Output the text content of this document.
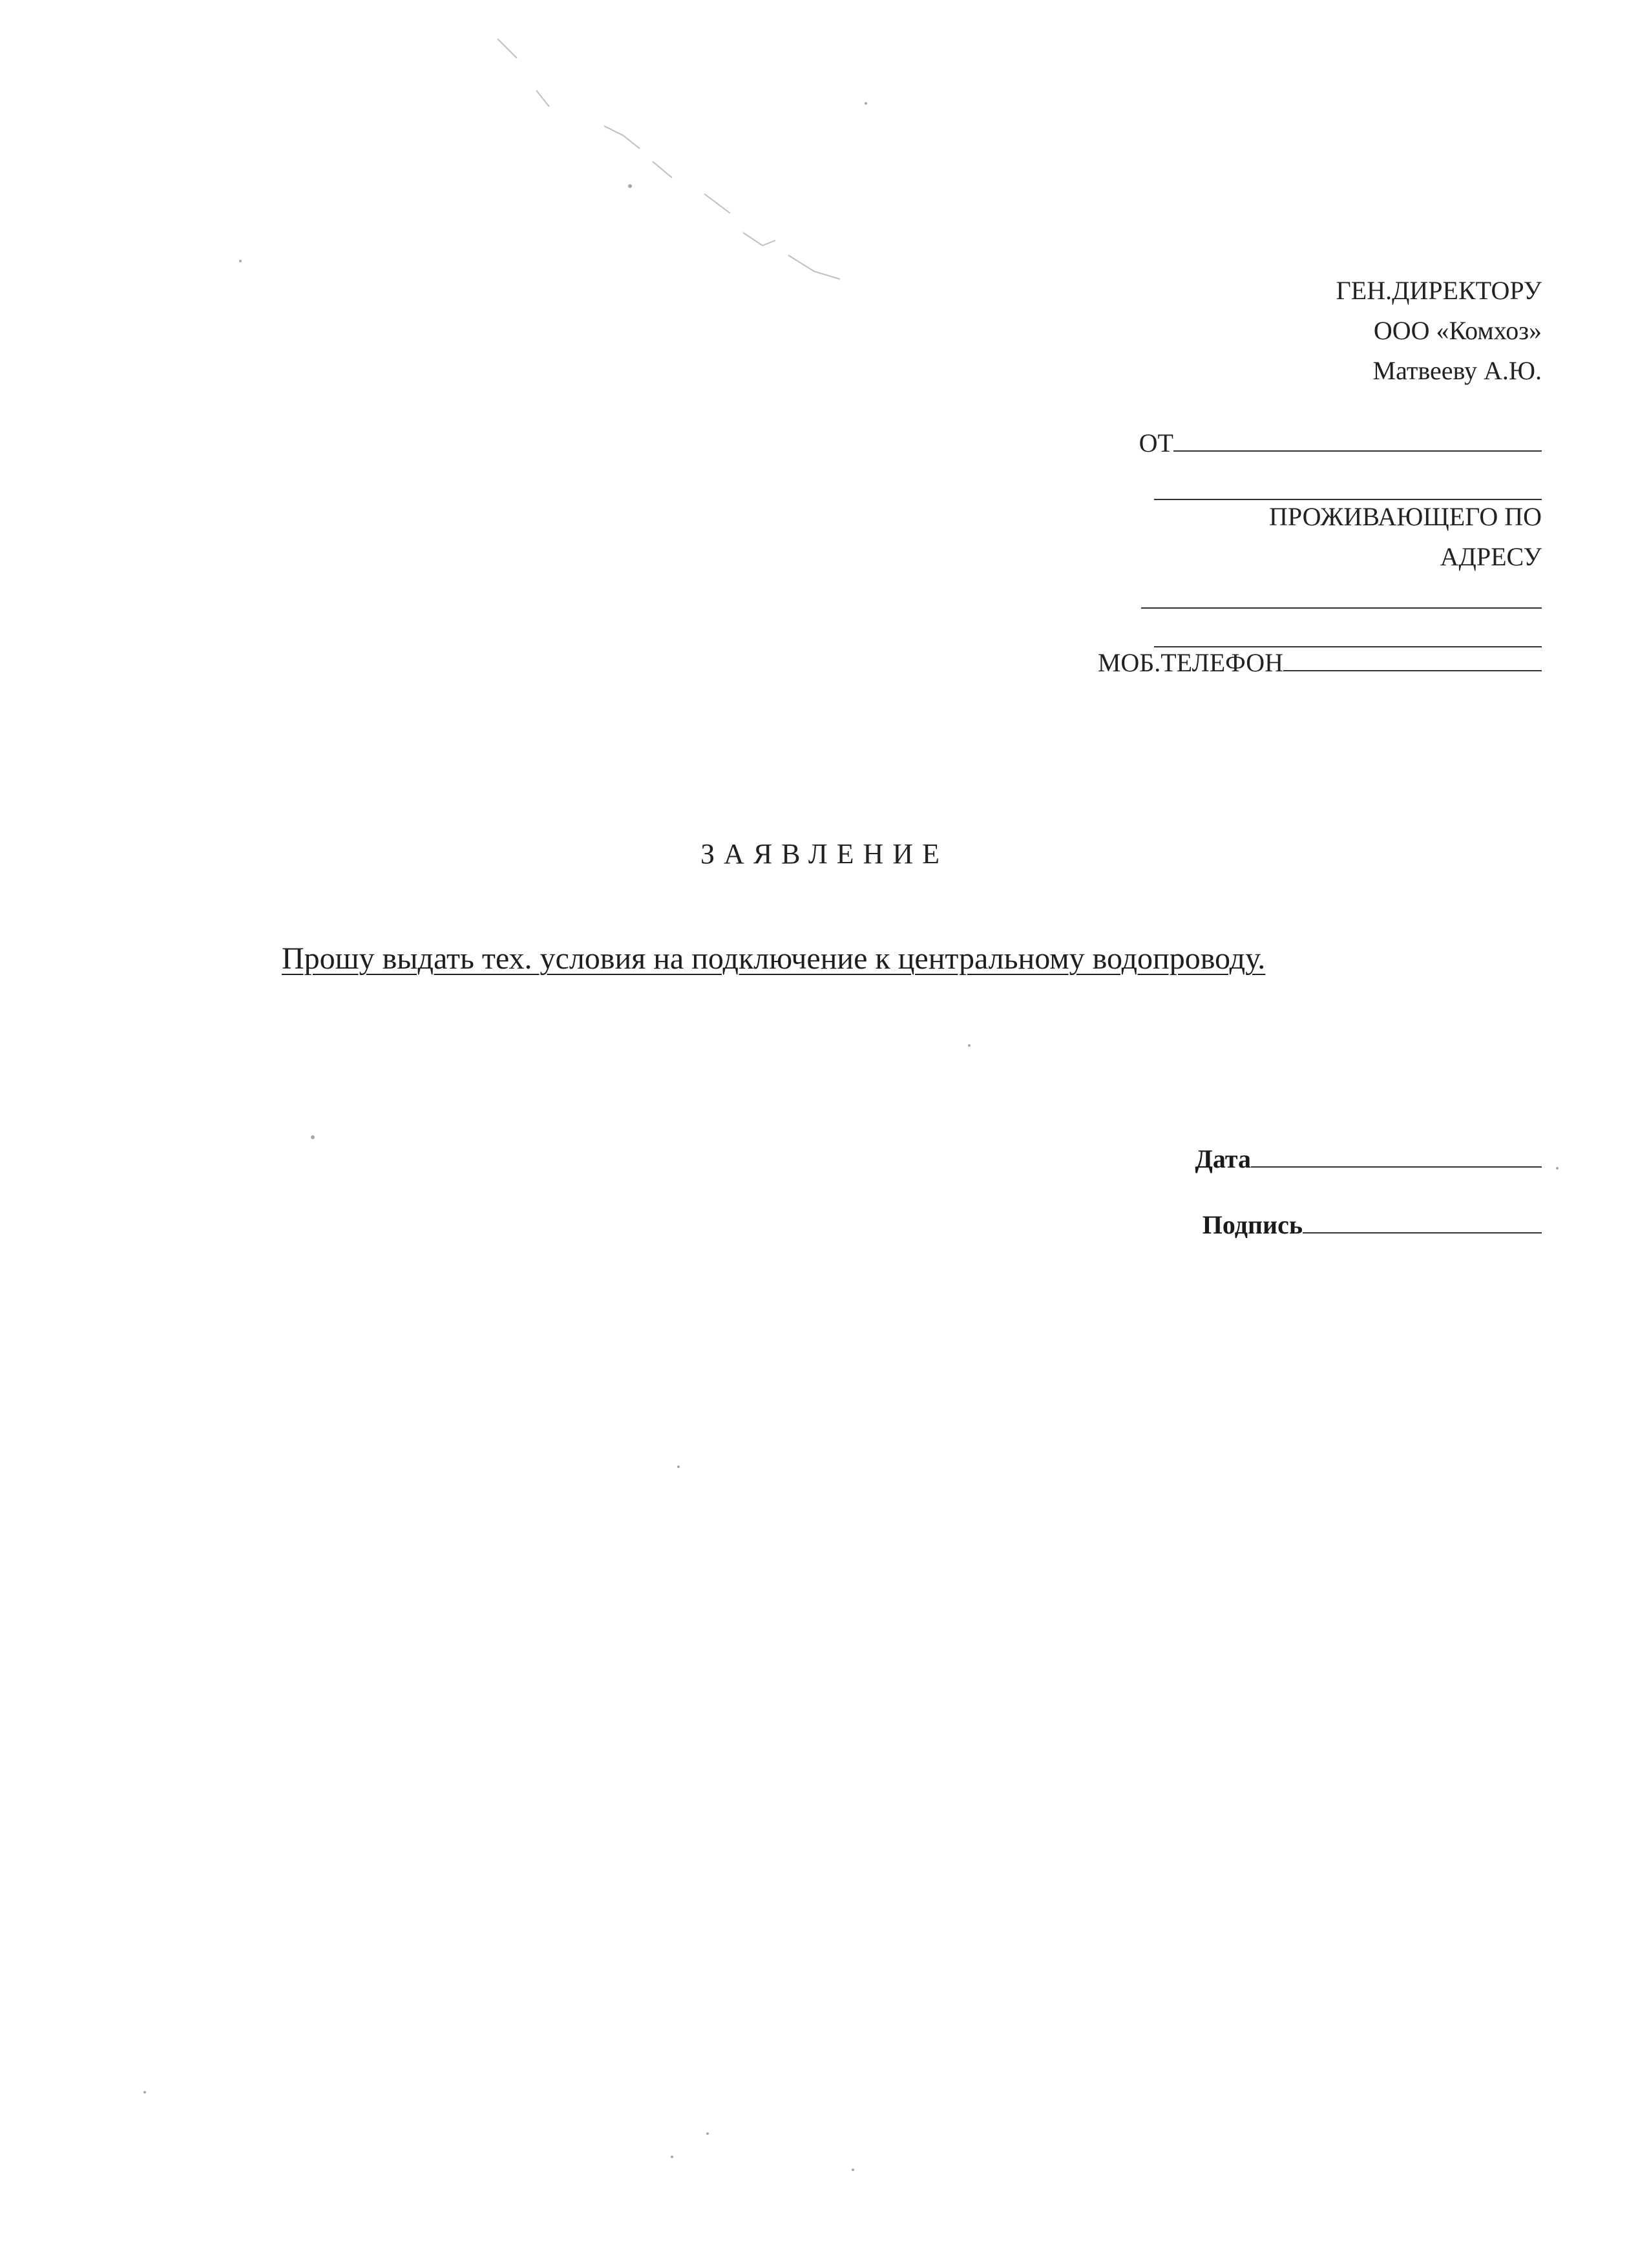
ГЕН.ДИРЕКТОРУ
ООО «Комхоз»
Матвееву А.Ю.
ОТ
ПРОЖИВАЮЩЕГО ПО
АДРЕСУ
МОБ.ТЕЛЕФОН
ЗАЯВЛЕНИЕ
Прошу выдать тех. условия на подключение к центральному водопроводу.
Дата
Подпись
